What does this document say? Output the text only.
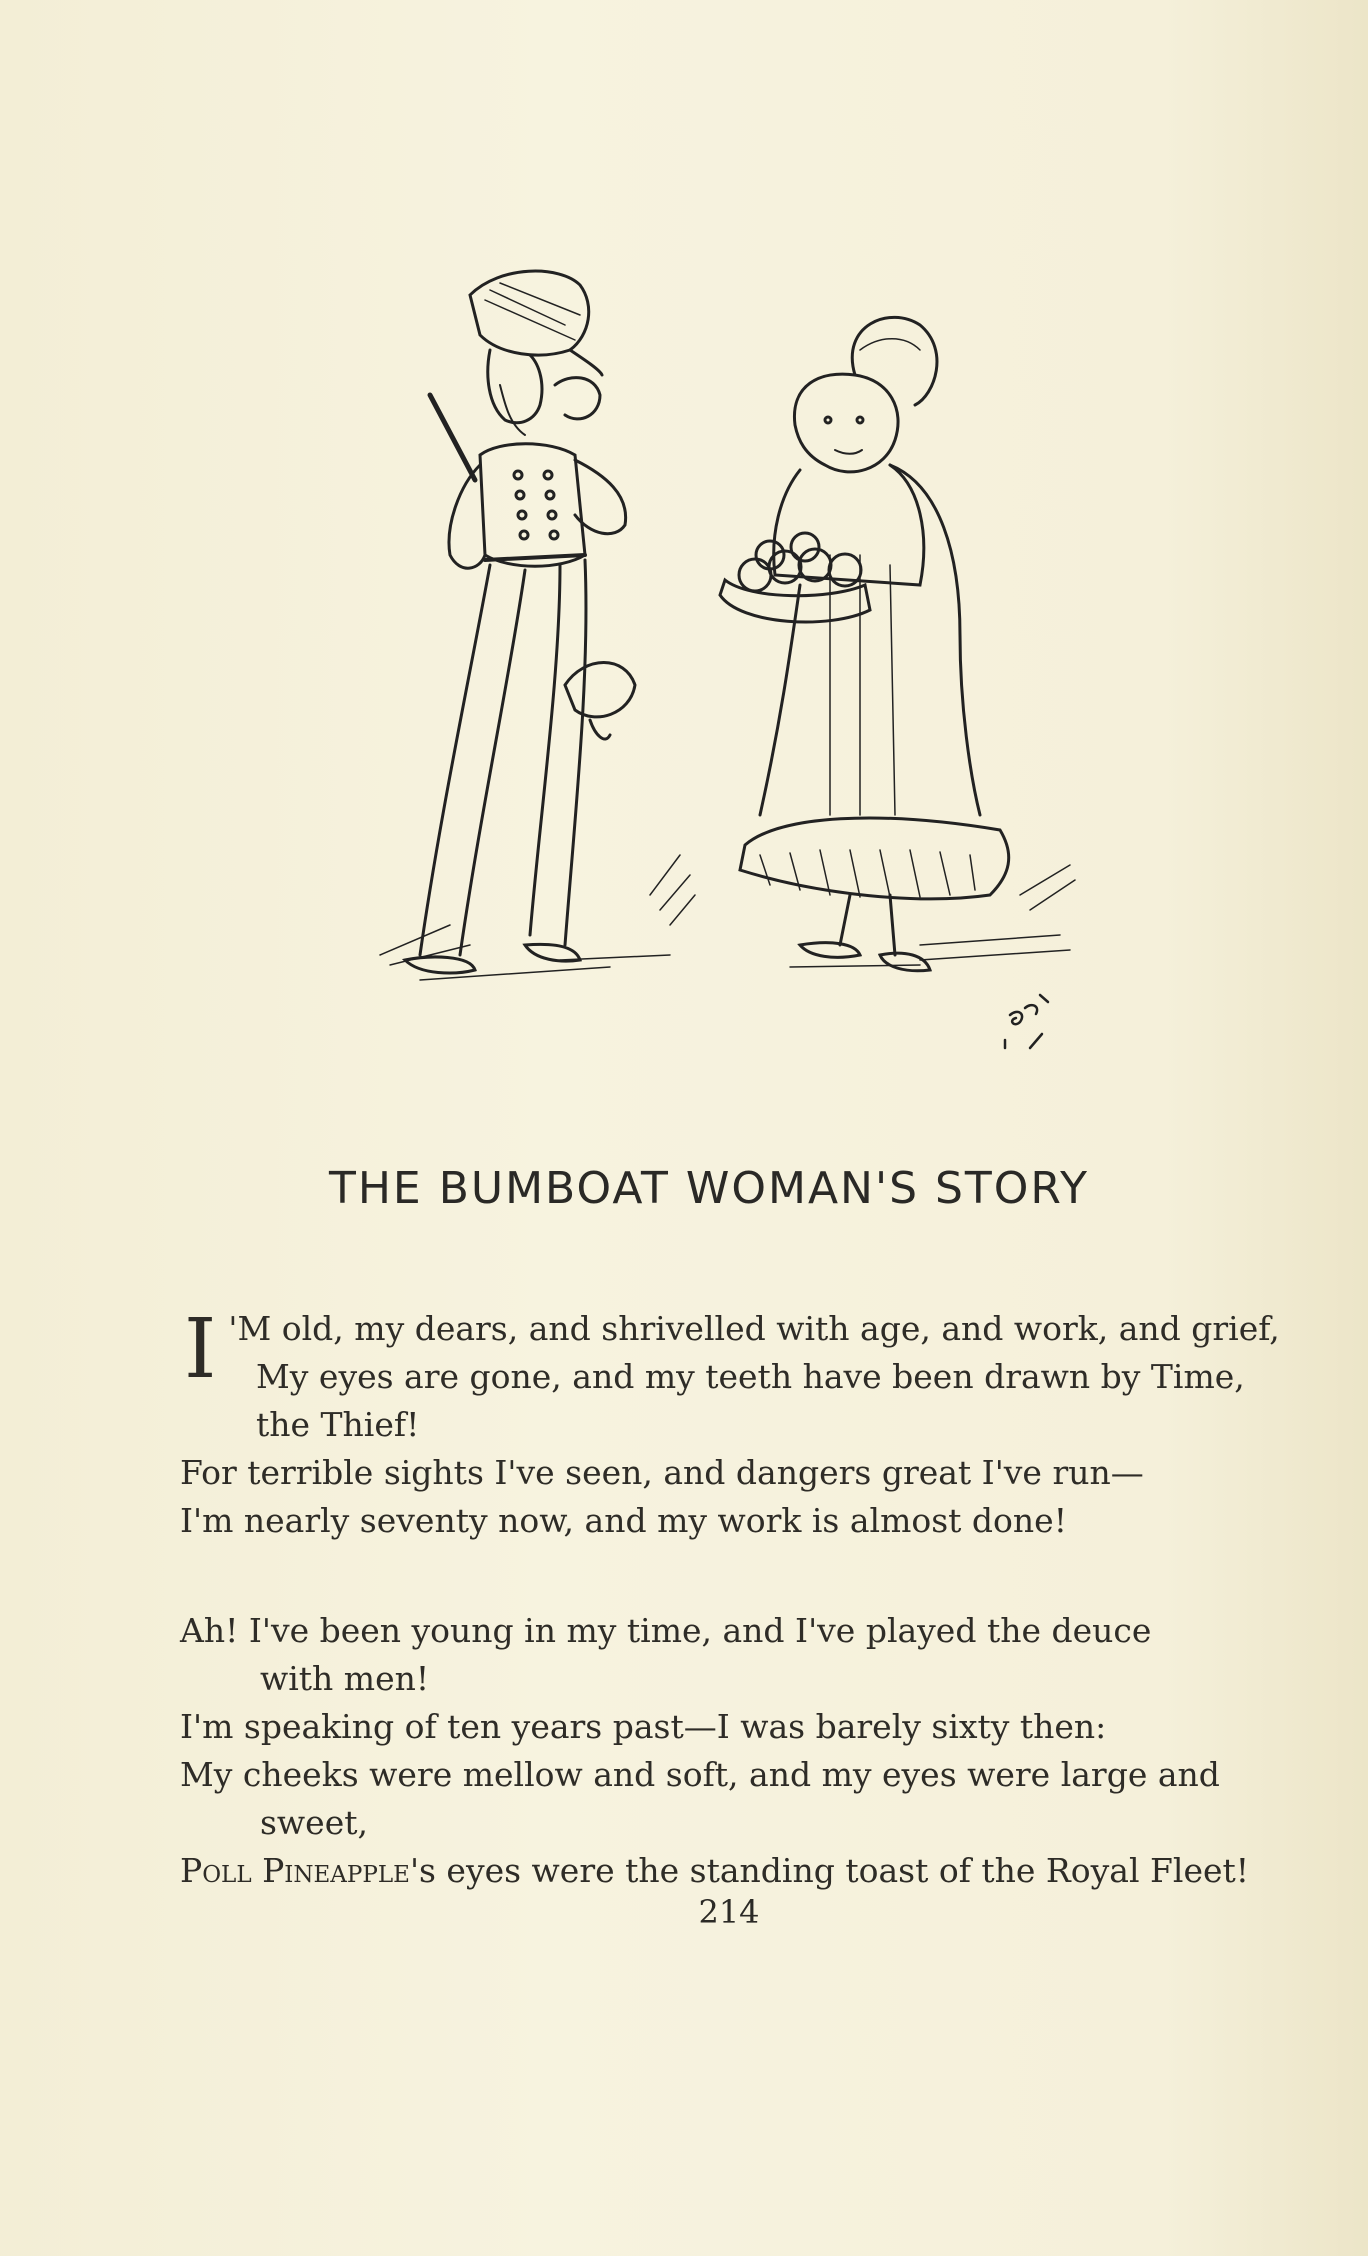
THE BUMBOAT WOMAN'S STORY
I 'M old, my dears, and shrivelled with age, and work, and grief,
My eyes are gone, and my teeth have been drawn by Time,
the Thief!
For terrible sights I've seen, and dangers great I've run—
I'm nearly seventy now, and my work is almost done!
Ah! I've been young in my time, and I've played the deuce
with men!
I'm speaking of ten years past—I was barely sixty then:
My cheeks were mellow and soft, and my eyes were large and
sweet,
Poll Pineapple's eyes were the standing toast of the Royal Fleet!
214
